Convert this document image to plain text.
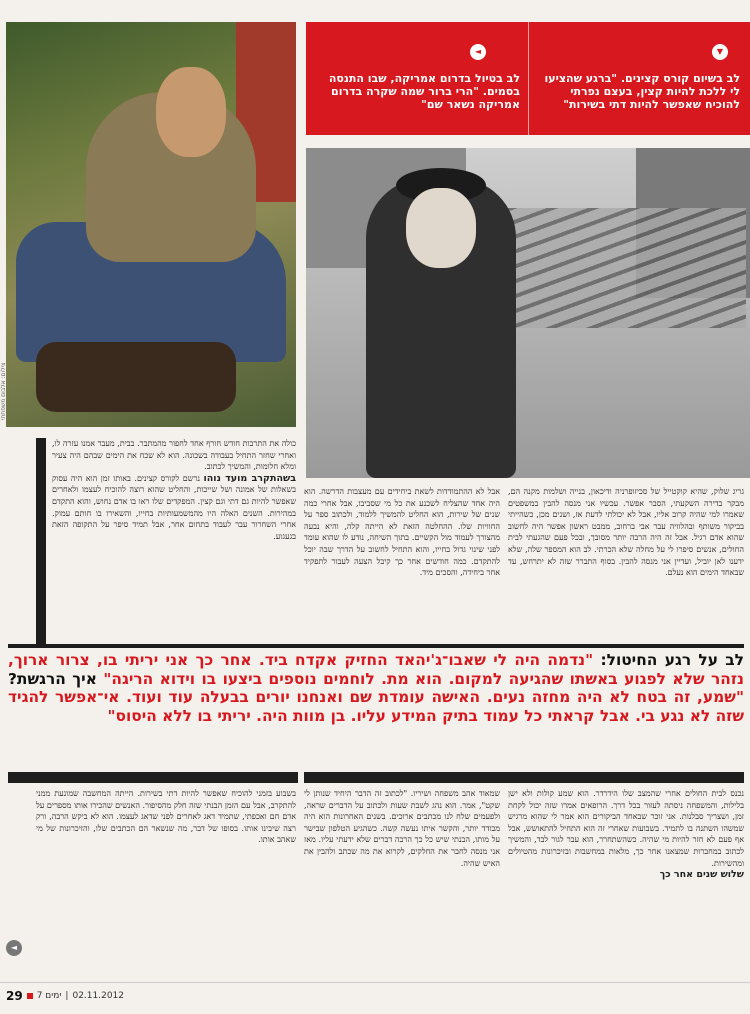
צילום: אלבום משפחתי
▼
◄
לב בשיום קורס קצינים. "ברגע שהציעו לי ללכת להיות קצין, בעצם נפרתי להוכיח שאפשר להיות דתי בשירות"
לב בטיול בדרום אמריקה, שבו התנסה בסמים. "הרי ברור שמה שקרה בדרום אמריקה נשאר שם"

כולה את התרבות חודש חורף אחד לחפור מהמתבר. בבית, מעבר אמנו עזרה לו, ואחרי שחזר התחיל בעבודה בשכונה. הוא לא שכח את הימים שבהם היה צעיר ומלא חלומות, והמשיך לכתוב.

בשהתקרב מועד נוהו נרשם לקורס קצינים. באותו זמן הוא היה עסוק בשאלות של אמונה ושל שייכות, והחליט שהוא רוצה להוכיח לעצמו ולאחרים שאפשר להיות גם דתי וגם קצין. המפקדים שלו ראו בו אדם נחוש, והוא התקדם במהירות. השנים האלה היו מהמשמעותיות בחייו, והשאירו בו חותם עמוק. אחרי השחרור עבר לעבוד בתחום אחר, אבל תמיד סיפר על התקופה הזאת בגעגוע.

אבל לא ההתמודדות לשאת ביחידים עם מעצבות הדרשה. הוא היה אחד שהצליח לשכנע את כל מי שסביבו, אבל אחרי כמה שנים של שירות, הוא החליט להמשיך ללמוד, ולכתוב ספר על החוויות שלו. ההחלטה הזאת לא הייתה קלה, והיא נבעה מהצורך לעמוד מול הקשיים. בתוך השיחה, נודע לו שהוא עומד לפני שינוי גדול בחייו, והוא התחיל לחשוב על הדרך שבה יוכל להתקדם. כמה חודשים אחר כך קיבל הצעה לעבור לתפקיד אחר ביחידה, והסכים מיד.

גריג שלוק, שהיא קוקטייל של סכיזופרניה ודיכאון, בנייה ושלמות מקנה הם, מבקר בדירה השקעתי, הסבר אפשר. עכשיו אני מנסה להבין במשפטים שאמרו למי שהיה קרוב אליו, אבל לא יכולתי לדעת אז, ושנים מכן, כשהייתי בביקור משותף ובהלוויה עבר אבי ברחוב, ממבט ראשון אפשר היה לחשוב שהוא אדם רגיל. אבל זה היה הרבה יותר מסובך, ובכל פעם שהגעתי לבית החולים, אנשים סיפרו לי על מחלה שלא הכרתי. לב הוא המספר שלה, שלא ידענו לאן יוביל, ועדיין אני מנסה להבין. בסוף התברר שזה לא יתרחש, עד שבאחד הימים הוא נעלם.

לב על רגע החיטול: "נדמה היה לי שאבו־ג'יהאד החזיק אקדח ביד. אחר כך אני יריתי בו, צרור ארוך, נזהר שלא לפגוע באשתו שהגיעה למקום. הוא מת. לוחמים נוספים ביצעו בו וידוא הריגה" איך הרגשת? "שמע, זה בטח לא היה מחזה נעים. האישה עומדת שם ואנחנו יורים בבעלה עוד ועוד. אי־אפשר להגיד שזה לא נגע בי. אבל קראתי כל עמוד בתיק המידע עליו. בן מוות היה. יריתי בו ללא היסוס"

בשבוע בזמני להוכיח שאפשר להיות דתי בשירות. הייתה המחשבה שמונעת ממני להתקרב, אבל עם הזמן הבנתי שזה חלק מהסיפור. האנשים שהכירו אותו מספרים על אדם חם ואכפתי, שתמיד דאג לאחרים לפני שדאג לעצמו. הוא לא ביקש הרבה, ורק רצה שיבינו אותו. בסופו של דבר, מה שנשאר הם הכתבים שלו, והזיכרונות של מי שאהב אותו.

◄

שמאוד אהב משפחה ושיריו. "לכתוב זה הדבר היחיד שנותן לי שקט", אמר. הוא נהג לשבת שעות ולכתוב על הדברים שראה, ולפעמים שלח לנו מכתבים ארוכים. בשנים האחרונות הוא היה מבודד יותר, והקשר איתו נעשה קשה. כשהגיע הטלפון שבישר על מותו, הבנתי שיש כל כך הרבה דברים שלא ידעתי עליו. מאז אני מנסה לחבר את החלקים, לקרוא את מה שכתב ולהבין את האיש שהיה.

נכנס לבית החולים אחרי שהמצב שלו הידרדר. הוא שמע קולות ולא ישן בלילות, והמשפחה ניסתה לעזור בכל דרך. הרופאים אמרו שזה יכול לקחת זמן, ושצריך סבלנות. אני זוכר שבאחד הביקורים הוא אמר לי שהוא מרגיש שמשהו השתנה בו לתמיד. בשבועות שאחרי זה הוא התחיל להתאושש, אבל אף פעם לא חזר להיות מי שהיה. כשהשתחרר, הוא עבר לגור לבד, והמשיך לכתוב במחברות שמצאנו אחר כך, מלאות במחשבות ובזיכרונות מהטיולים ומהשירות.

שלוש שנים אחר כך

29 7 ימים | 02.11.2012
